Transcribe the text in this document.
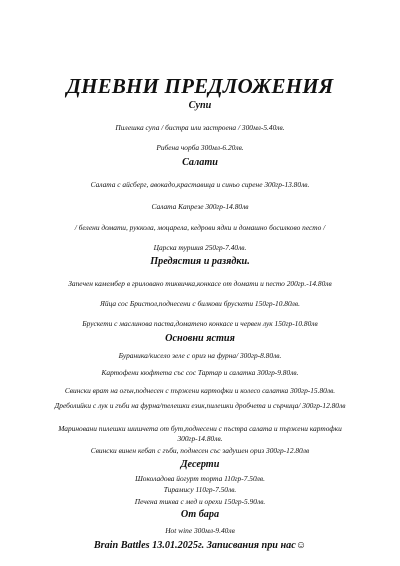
ДНЕВНИ ПРЕДЛОЖЕНИЯ
Супи
Пилешка супа / бистра или застроена / 300мл-5.40лв.
Рибена чорба 300мл-6.20лв.
Салати
Салата с айсберг, авокадо,краставица и синьо сирене 300гр-13.80лв.
Салата Капрезе 300гр-14.80лв
/ белени домати, руккола, моцарела, кедрови ядки и домашно босилково песто /
Царска туршия 250гр-7.40лв.
Предястия и разядки.
Запечен камембер в гриловано тиквичка,конкасе от домати и песто 200гр.-14.80лв
Яйца сос Бристол,поднесени с билкови брускети 150гр-10.80лв.
Брускети с маслинова паста,доматено конкасе и червен лук 150гр-10.80лв
Основни ястия
Бураника/кисело зеле с ориз на фурна/ 300гр-8.80лв.
Картофени кюфтета със сос Тартар и салатка 300гр-9.80лв.
Свински врат на огън,поднесен с пържени картофки и колесо салатка 300гр-15.80лв.
Дреболийки с лук и гъби на фурна/телешки език,пилешки дробчета и сърчица/ 300гр-12.80лв
Мариновани пилешки шишчета от бут,поднесени с пъстра салата и пържени картофки 300гр-14.80лв.
Свински винен кебап с гъби, поднесен със задушен ориз 300гр-12.80лв
Десерти
Шоколадова йогурт торта 110гр-7.50лв.
Тирамису 110гр-7.50лв.
Brain Battles 13.01.2025г. Записвания при нас☺
Печена тиква с мед и орехи 150гр-5.90лв.
От бара
Hot wine 300мл-9.40лв
